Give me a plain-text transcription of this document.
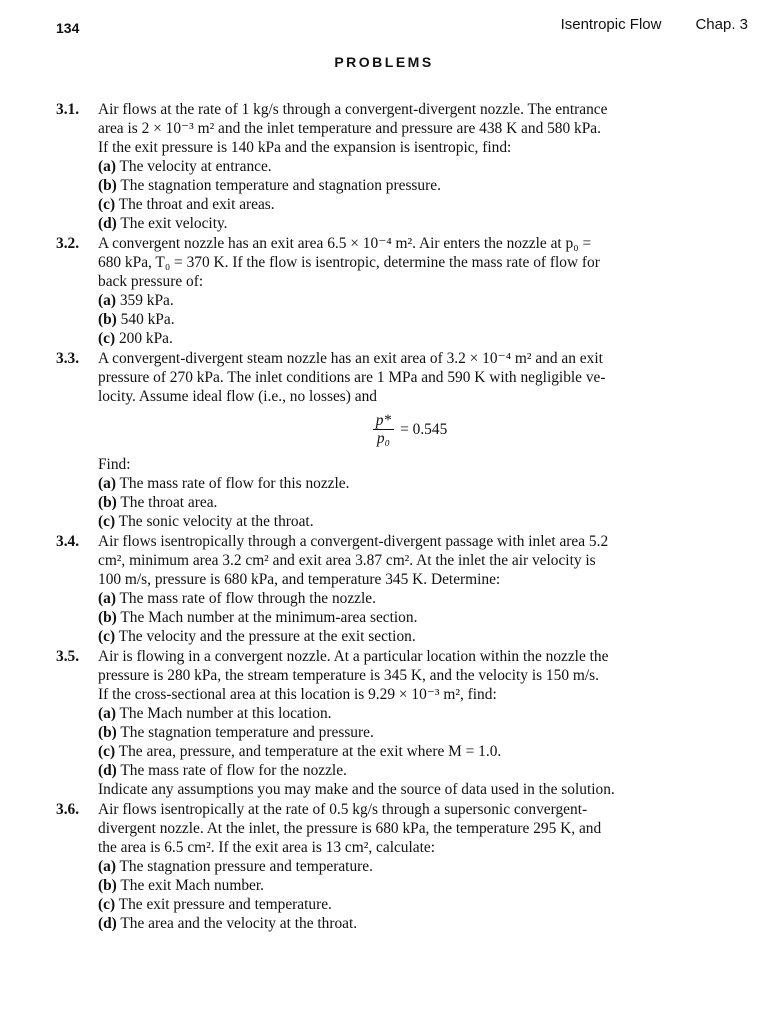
134	Isentropic Flow Chap. 3
PROBLEMS
3.1. Air flows at the rate of 1 kg/s through a convergent-divergent nozzle. The entrance
area is 2 × 10⁻³ m² and the inlet temperature and pressure are 438 K and 580 kPa.
If the exit pressure is 140 kPa and the expansion is isentropic, find:
(a) The velocity at entrance.
(b) The stagnation temperature and stagnation pressure.
(c) The throat and exit areas.
(d) The exit velocity.
3.2. A convergent nozzle has an exit area 6.5 × 10⁻⁴ m². Air enters the nozzle at p₀ =
680 kPa, T₀ = 370 K. If the flow is isentropic, determine the mass rate of flow for
back pressure of:
(a) 359 kPa.
(b) 540 kPa.
(c) 200 kPa.
3.3. A convergent-divergent steam nozzle has an exit area of 3.2 × 10⁻⁴ m² and an exit
pressure of 270 kPa. The inlet conditions are 1 MPa and 590 K with negligible ve-
locity. Assume ideal flow (i.e., no losses) and
$\frac{p*}{\text{p₀}} = 0.545$
Find:
(a) The mass rate of flow for this nozzle.
(b) The throat area.
(c) The sonic velocity at the throat.
3.4. Air flows isentropically through a convergent-divergent passage with inlet area 5.2
cm², minimum area 3.2 cm² and exit area 3.87 cm². At the inlet the air velocity is
100 m/s, pressure is 680 kPa, and temperature 345 K. Determine:
(a) The mass rate of flow through the nozzle.
(b) The Mach number at the minimum-area section.
(c) The velocity and the pressure at the exit section.
3.5. Air is flowing in a convergent nozzle. At a particular location within the nozzle the
pressure is 280 kPa, the stream temperature is 345 K, and the velocity is 150 m/s.
If the cross-sectional area at this location is 9.29 × 10⁻³ m², find:
(a) The Mach number at this location.
(b) The stagnation temperature and pressure.
(c) The area, pressure, and temperature at the exit where M = 1.0.
(d) The mass rate of flow for the nozzle.
Indicate any assumptions you may make and the source of data used in the solution.
3.6. Air flows isentropically at the rate of 0.5 kg/s through a supersonic convergent-
divergent nozzle. At the inlet, the pressure is 680 kPa, the temperature 295 K, and
the area is 6.5 cm². If the exit area is 13 cm², calculate:
(a) The stagnation pressure and temperature.
(b) The exit Mach number.
(c) The exit pressure and temperature.
(d) The area and the velocity at the throat.
